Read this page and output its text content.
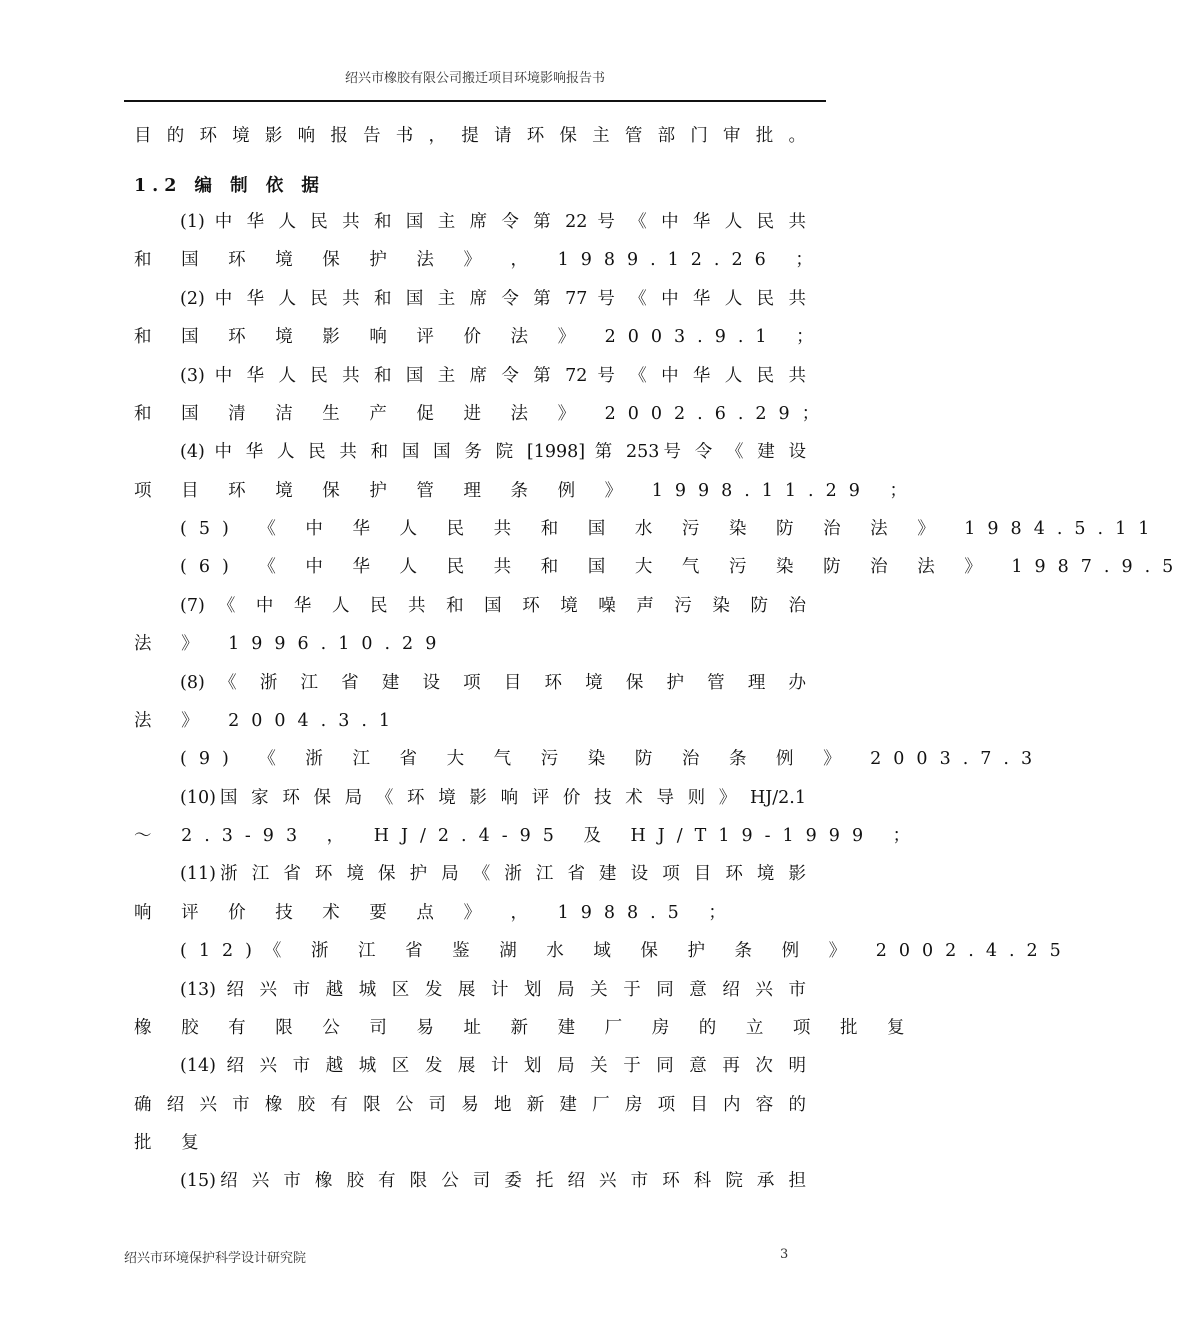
绍兴市橡胶有限公司搬迁项目环境影响报告书
目 的 环 境 影 响 报 告 书 ， 提 请 环 保 主 管 部 门 审 批 。
1.2 编 制 依 据
(1) 中 华 人 民 共 和 国 主 席 令 第 22 号 《 中 华 人 民 共
和 国 环 境 保 护 法 》 ， 1989.12.26 ；
(2) 中 华 人 民 共 和 国 主 席 令 第 77 号 《 中 华 人 民 共
和 国 环 境 影 响 评 价 法 》 2003.9.1 ；
(3) 中 华 人 民 共 和 国 主 席 令 第 72 号 《 中 华 人 民 共
和 国 清 洁 生 产 促 进 法 》 2002.6.29；
(4) 中 华 人 民 共 和 国 国 务 院 [1998] 第 253号 令 《 建 设
项 目 环 境 保 护 管 理 条 例 》 1998.11.29 ；
(5) 《 中 华 人 民 共 和 国 水 污 染 防 治 法 》 1984.5.11
(6) 《 中 华 人 民 共 和 国 大 气 污 染 防 治 法 》 1987.9.5
(7) 《 中 华 人 民 共 和 国 环 境 噪 声 污 染 防 治
法 》 1996.10.29
(8) 《 浙 江 省 建 设 项 目 环 境 保 护 管 理 办
法 》 2004.3.1
(9) 《 浙 江 省 大 气 污 染 防 治 条 例 》 2003.7.3
(10)国 家 环 保 局 《 环 境 影 响 评 价 技 术 导 则 》 HJ/2.1
～ 2.3-93 ， HJ/2.4-95 及 HJ/T19-1999 ；
(11)浙 江 省 环 境 保 护 局 《 浙 江 省 建 设 项 目 环 境 影
响 评 价 技 术 要 点 》 ， 1988.5 ；
(12)《 浙 江 省 鉴 湖 水 域 保 护 条 例 》 2002.4.25
(13) 绍 兴 市 越 城 区 发 展 计 划 局 关 于 同 意 绍 兴 市
橡 胶 有 限 公 司 易 址 新 建 厂 房 的 立 项 批 复
(14) 绍 兴 市 越 城 区 发 展 计 划 局 关 于 同 意 再 次 明
确 绍 兴 市 橡 胶 有 限 公 司 易 地 新 建 厂 房 项 目 内 容 的
批 复
(15)绍 兴 市 橡 胶 有 限 公 司 委 托 绍 兴 市 环 科 院 承 担
绍兴市环境保护科学设计研究院	3
